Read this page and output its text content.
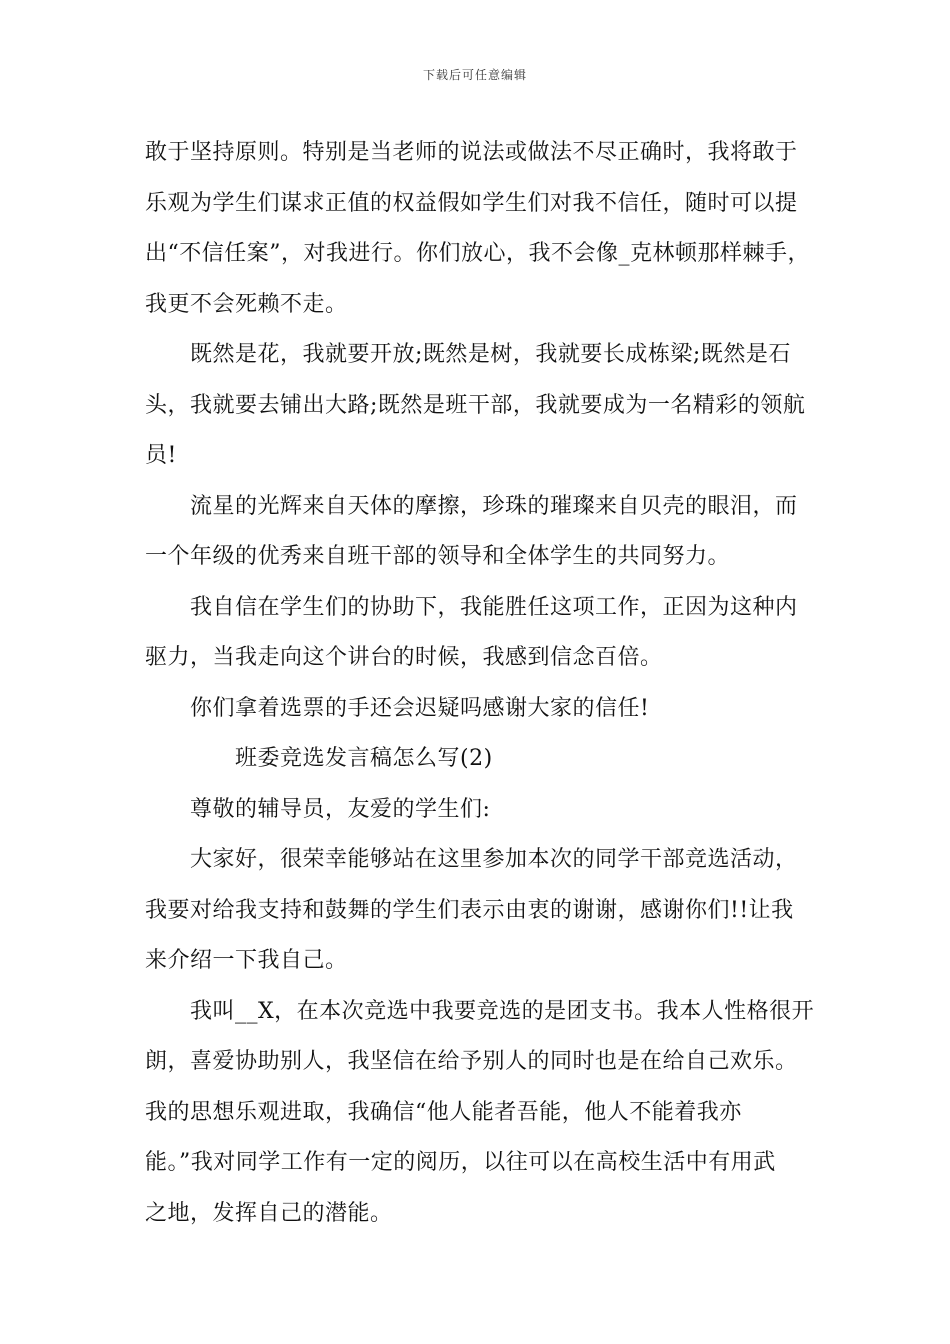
下载后可任意编辑
敢于坚持原则。特别是当老师的说法或做法不尽正确时，我将敢于
乐观为学生们谋求正值的权益假如学生们对我不信任，随时可以提
出“不信任案”，对我进行。你们放心，我不会像_克林顿那样棘手，
我更不会死赖不走。
既然是花，我就要开放;既然是树，我就要长成栋梁;既然是石
头，我就要去铺出大路;既然是班干部，我就要成为一名精彩的领航
员!
流星的光辉来自天体的摩擦，珍珠的璀璨来自贝壳的眼泪，而
一个年级的优秀来自班干部的领导和全体学生的共同努力。
我自信在学生们的协助下，我能胜任这项工作，正因为这种内
驱力，当我走向这个讲台的时候，我感到信念百倍。
你们拿着选票的手还会迟疑吗感谢大家的信任!
班委竞选发言稿怎么写(2)
尊敬的辅导员，友爱的学生们:
大家好，很荣幸能够站在这里参加本次的同学干部竞选活动，
我要对给我支持和鼓舞的学生们表示由衷的谢谢，感谢你们!!让我
来介绍一下我自己。
我叫__X，在本次竞选中我要竞选的是团支书。我本人性格很开
朗，喜爱协助别人，我坚信在给予别人的同时也是在给自己欢乐。
我的思想乐观进取，我确信“他人能者吾能，他人不能着我亦
能。”我对同学工作有一定的阅历，以往可以在高校生活中有用武
之地，发挥自己的潜能。
